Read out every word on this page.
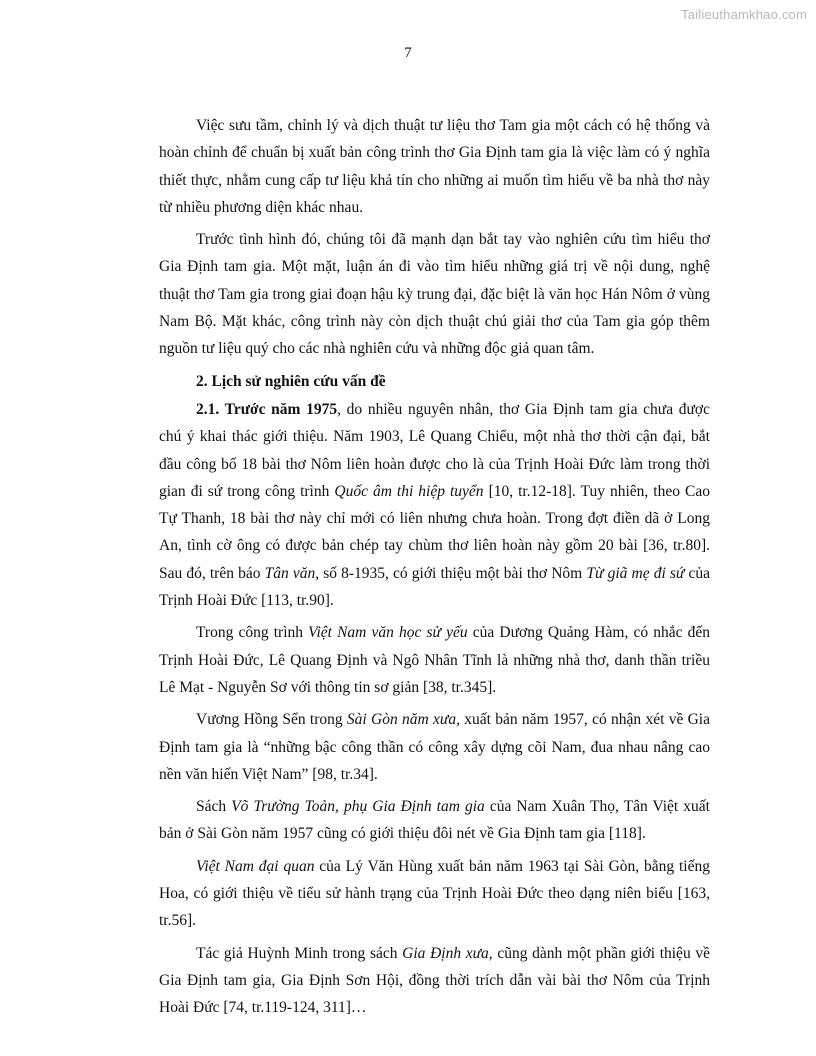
Tailieuthamkhao.com
7

Việc sưu tầm, chỉnh lý và dịch thuật tư liệu thơ Tam gia một cách có hệ thống và hoàn chỉnh để chuẩn bị xuất bản công trình thơ Gia Định tam gia là việc làm có ý nghĩa thiết thực, nhằm cung cấp tư liệu khả tín cho những ai muốn tìm hiểu về ba nhà thơ này từ nhiều phương diện khác nhau.

Trước tình hình đó, chúng tôi đã mạnh dạn bắt tay vào nghiên cứu tìm hiểu thơ Gia Định tam gia. Một mặt, luận án đi vào tìm hiểu những giá trị về nội dung, nghệ thuật thơ Tam gia trong giai đoạn hậu kỳ trung đại, đặc biệt là văn học Hán Nôm ở vùng Nam Bộ. Mặt khác, công trình này còn dịch thuật chú giải thơ của Tam gia góp thêm nguồn tư liệu quý cho các nhà nghiên cứu và những độc giả quan tâm.

2. Lịch sử nghiên cứu vấn đề

2.1. Trước năm 1975, do nhiều nguyên nhân, thơ Gia Định tam gia chưa được chú ý khai thác giới thiệu. Năm 1903, Lê Quang Chiểu, một nhà thơ thời cận đại, bắt đầu công bố 18 bài thơ Nôm liên hoàn được cho là của Trịnh Hoài Đức làm trong thời gian đi sứ trong công trình Quốc âm thi hiệp tuyển [10, tr.12-18]. Tuy nhiên, theo Cao Tự Thanh, 18 bài thơ này chỉ mới có liên nhưng chưa hoàn. Trong đợt điền dã ở Long An, tình cờ ông có được bản chép tay chùm thơ liên hoàn này gồm 20 bài [36, tr.80]. Sau đó, trên báo Tân văn, số 8-1935, có giới thiệu một bài thơ Nôm Từ giã mẹ đi sứ của Trịnh Hoài Đức [113, tr.90].

Trong công trình Việt Nam văn học sử yếu của Dương Quảng Hàm, có nhắc đến Trịnh Hoài Đức, Lê Quang Định và Ngô Nhân Tĩnh là những nhà thơ, danh thần triều Lê Mạt - Nguyễn Sơ với thông tin sơ giản [38, tr.345].

Vương Hồng Sển trong Sài Gòn năm xưa, xuất bản năm 1957, có nhận xét về Gia Định tam gia là “những bậc công thần có công xây dựng cõi Nam, đua nhau nâng cao nền văn hiến Việt Nam” [98, tr.34].

Sách Võ Trường Toản, phụ Gia Định tam gia của Nam Xuân Thọ, Tân Việt xuất bản ở Sài Gòn năm 1957 cũng có giới thiệu đôi nét về Gia Định tam gia [118].

Việt Nam đại quan của Lý Văn Hùng xuất bản năm 1963 tại Sài Gòn, bằng tiếng Hoa, có giới thiệu về tiểu sử hành trạng của Trịnh Hoài Đức theo dạng niên biểu [163, tr.56].

Tác giả Huỳnh Minh trong sách Gia Định xưa, cũng dành một phần giới thiệu về Gia Định tam gia, Gia Định Sơn Hội, đồng thời trích dẫn vài bài thơ Nôm của Trịnh Hoài Đức [74, tr.119-124, 311]…
